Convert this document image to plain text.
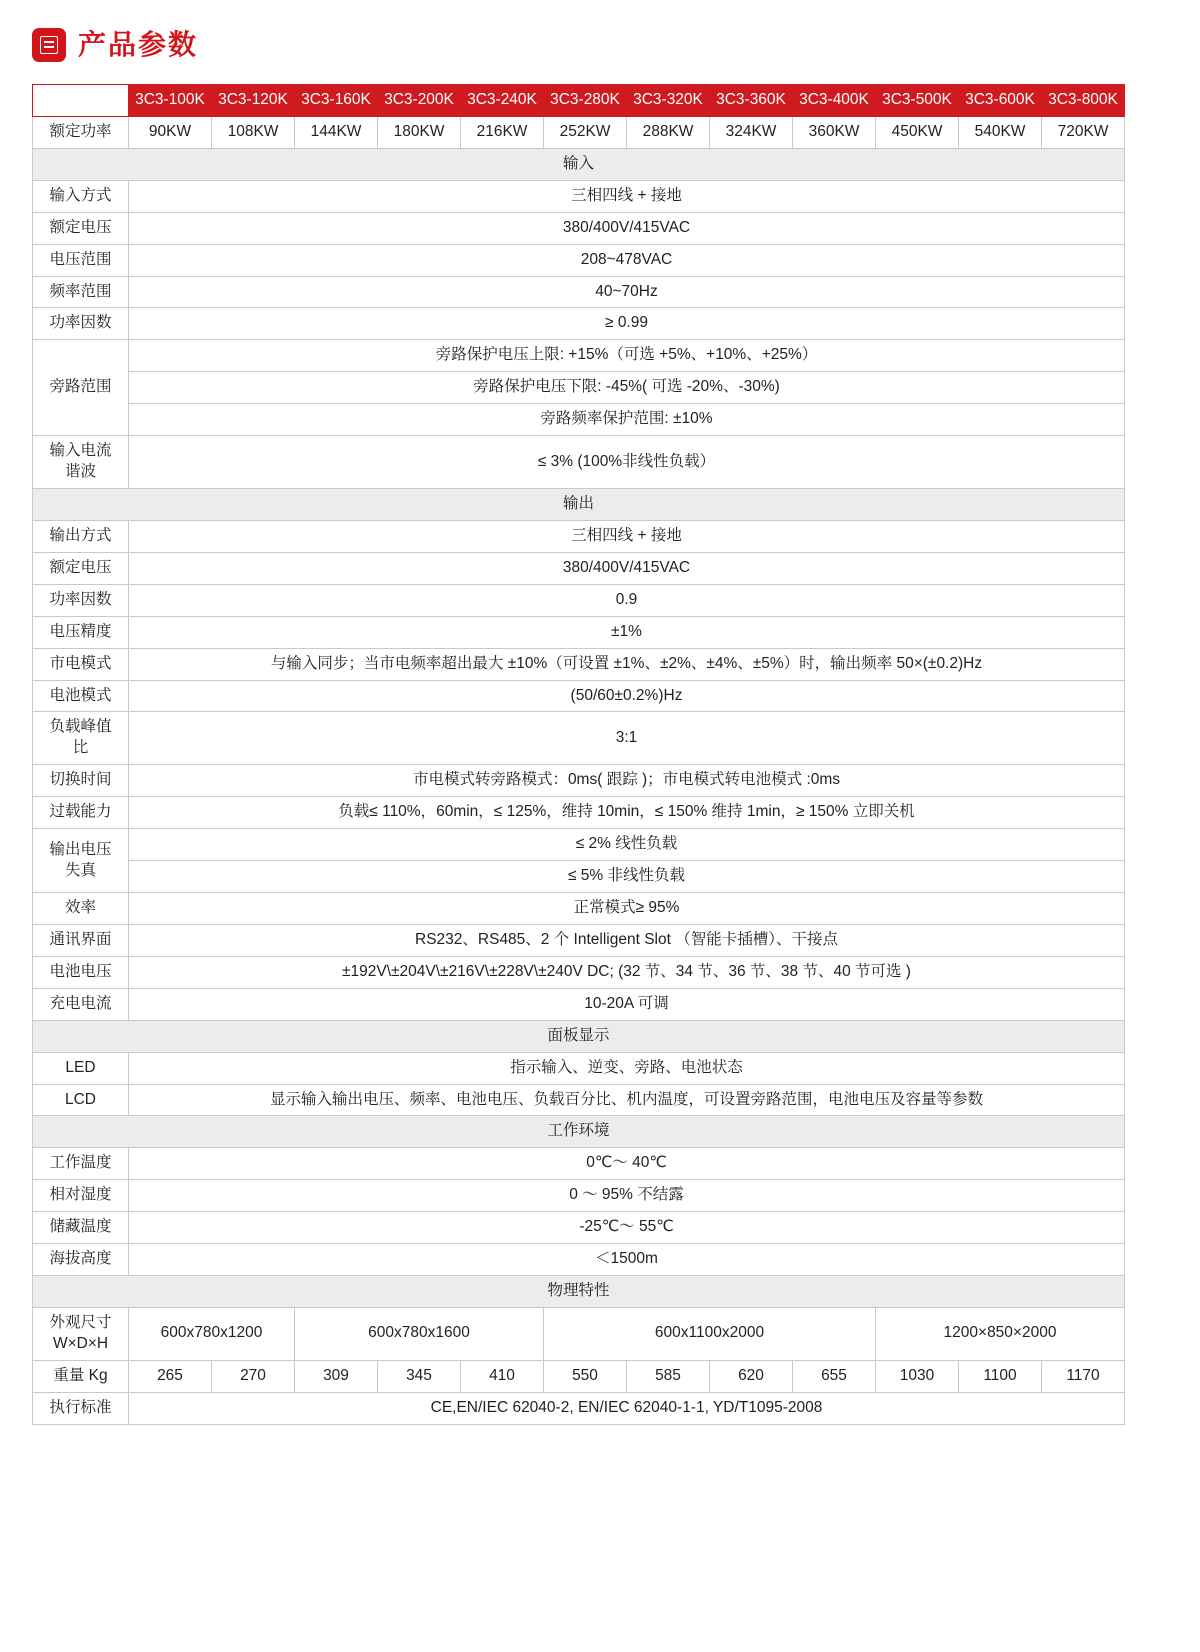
产品参数
型号	3C3-100K	3C3-120K	3C3-160K	3C3-200K	3C3-240K	3C3-280K	3C3-320K	3C3-360K	3C3-400K	3C3-500K	3C3-600K	3C3-800K
额定功率	90KW	108KW	144KW	180KW	216KW	252KW	288KW	324KW	360KW	450KW	540KW	720KW
输入												
输入方式	三相四线 + 接地											
额定电压	380/400V/415VAC											
电压范围	208~478VAC											
频率范围	40~70Hz											
功率因数	≥ 0.99											
旁路范围	旁路保护电压上限: +15%（可选 +5%、+10%、+25%）											
	旁路保护电压下限: -45%( 可选 -20%、-30%)											
	旁路频率保护范围: ±10%											

输入电流
谐波	≤ 3% (100%非线性负载）											
输出												
输出方式	三相四线 + 接地											
额定电压	380/400V/415VAC											
功率因数	0.9											
电压精度	±1%											
市电模式	与输入同步；当市电频率超出最大 ±10%（可设置 ±1%、±2%、±4%、±5%）时，输出频率 50×(±0.2)Hz											
电池模式	(50/60±0.2%)Hz											

负载峰值
比	3:1											
切换时间	市电模式转旁路模式：0ms( 跟踪 )；市电模式转电池模式 :0ms											
过载能力	负载≤ 110%，60min，≤ 125%，维持 10min，≤ 150% 维持 1min，≥ 150% 立即关机											

输出电压
失真	≤ 2% 线性负载											
	≤ 5% 非线性负载											
效率	正常模式≥ 95%											
通讯界面	RS232、RS485、2 个 Intelligent Slot （智能卡插槽）、干接点											
电池电压	±192V\±204V\±216V\±228V\±240V DC; (32 节、34 节、36 节、38 节、40 节可选 )											
充电电流	10-20A 可调											
面板显示												
LED	指示输入、逆变、旁路、电池状态											
LCD	显示输入输出电压、频率、电池电压、负载百分比、机内温度，可设置旁路范围，电池电压及容量等参数											
工作环境												
工作温度	0℃～ 40℃											
相对湿度	0 ～ 95% 不结露											
储藏温度	-25℃～ 55℃											
海拔高度	＜1500m											
物理特性												

外观尺寸
W×D×H	600x780x1200		600x780x1600			600x1100x2000				1200×850×2000		
重量 Kg	265	270	309	345	410	550	585	620	655	1030	1100	1170
执行标准	CE,EN/IEC 62040-2, EN/IEC 62040-1-1, YD/T1095-2008											
